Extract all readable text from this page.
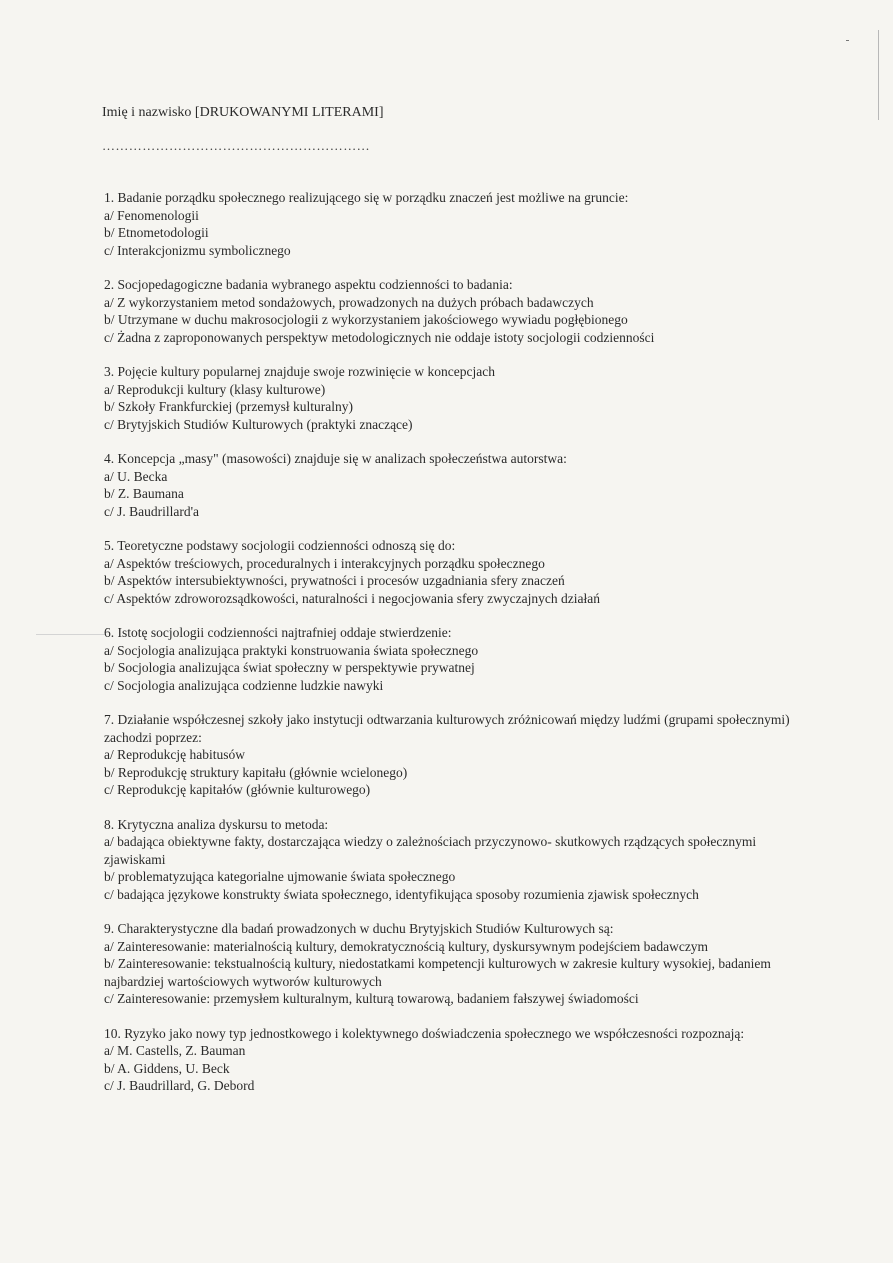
Imię i nazwisko [DRUKOWANYMI LITERAMI]
……………………………………………………

1. Badanie porządku społecznego realizującego się w porządku znaczeń jest możliwe na gruncie:

a/ Fenomenologii

b/ Etnometodologii

c/ Interakcjonizmu symbolicznego

2. Socjopedagogiczne badania wybranego aspektu codzienności to badania:

a/ Z wykorzystaniem metod sondażowych, prowadzonych na dużych próbach badawczych

b/ Utrzymane w duchu makrosocjologii z wykorzystaniem jakościowego wywiadu pogłębionego

c/ Żadna z zaproponowanych perspektyw metodologicznych nie oddaje istoty socjologii codzienności

3. Pojęcie kultury popularnej znajduje swoje rozwinięcie w koncepcjach

a/ Reprodukcji kultury (klasy kulturowe)

b/ Szkoły Frankfurckiej (przemysł kulturalny)

c/ Brytyjskich Studiów Kulturowych (praktyki znaczące)

4. Koncepcja „masy" (masowości) znajduje się w analizach społeczeństwa autorstwa:

a/ U. Becka

b/ Z. Baumana

c/ J. Baudrillard'a

5. Teoretyczne podstawy socjologii codzienności odnoszą się do:

a/ Aspektów treściowych, proceduralnych i interakcyjnych porządku społecznego

b/ Aspektów intersubiektywności, prywatności i procesów uzgadniania sfery znaczeń

c/ Aspektów zdroworozsądkowości, naturalności i negocjowania sfery zwyczajnych działań

6. Istotę socjologii codzienności najtrafniej oddaje stwierdzenie:

a/ Socjologia analizująca praktyki konstruowania świata społecznego

b/ Socjologia analizująca świat społeczny w perspektywie prywatnej

c/ Socjologia analizująca codzienne ludzkie nawyki

7. Działanie współczesnej szkoły jako instytucji odtwarzania kulturowych zróżnicowań między ludźmi (grupami społecznymi) zachodzi poprzez:

a/ Reprodukcję habitusów

b/ Reprodukcję struktury kapitału (głównie wcielonego)

c/ Reprodukcję kapitałów (głównie kulturowego)

8. Krytyczna analiza dyskursu to metoda:

a/ badająca obiektywne fakty, dostarczająca wiedzy o zależnościach przyczynowo- skutkowych rządzących społecznymi zjawiskami

b/ problematyzująca kategorialne ujmowanie świata społecznego

c/ badająca językowe konstrukty świata społecznego, identyfikująca sposoby rozumienia zjawisk społecznych

9. Charakterystyczne dla badań prowadzonych w duchu Brytyjskich Studiów Kulturowych są:

a/ Zainteresowanie: materialnością kultury, demokratycznością kultury, dyskursywnym podejściem badawczym

b/ Zainteresowanie: tekstualnością kultury, niedostatkami kompetencji kulturowych w zakresie kultury wysokiej, badaniem najbardziej wartościowych wytworów kulturowych

c/ Zainteresowanie: przemysłem kulturalnym, kulturą towarową, badaniem fałszywej świadomości

10. Ryzyko jako nowy typ jednostkowego i kolektywnego doświadczenia społecznego we współczesności rozpoznają:

a/ M. Castells, Z. Bauman

b/ A. Giddens, U. Beck

c/ J. Baudrillard, G. Debord
